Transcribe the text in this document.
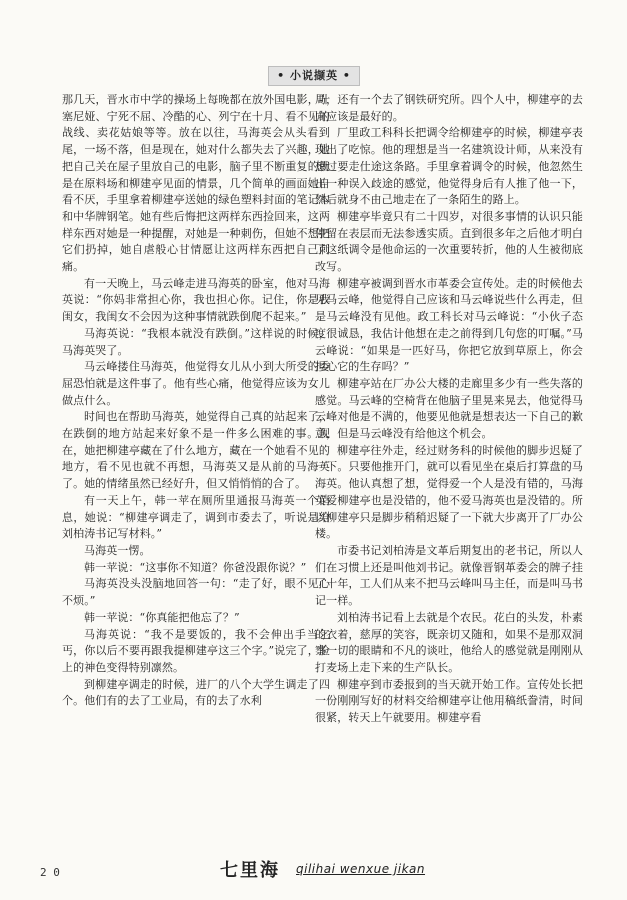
• 小说撷英 •

那几天，晋水市中学的操场上每晚都在放外国电影，叶塞尼娅、宁死不屈、冷酷的心、列宁在十月、看不见的战线、卖花姑娘等等。放在以往，马海英会从头看到尾，一场不落，但是现在，她对什么都失去了兴趣，她把自己关在屋子里放自己的电影，脑子里不断重复的就是在原料场和柳建亭见面的情景，几个简单的画面她自看不厌，手里拿着柳建亭送她的绿色塑料封面的笔记本和中华牌钢笔。她有些后悔把这两样东西捡回来，这两样东西对她是一种提醒，对她是一种刺伤，但她不想把它们扔掉，她自虐般心甘情愿让这两样东西把自己刺痛。

有一天晚上，马云峰走进马海英的卧室，他对马海英说：“你妈非常担心你，我也担心你。记住，你是我闺女，我闺女不会因为这种事情就跌倒爬不起来。”

马海英说：“我根本就没有跌倒。”这样说的时候，马海英哭了。

马云峰搂住马海英，他觉得女儿从小到大所受的委屈恐怕就是这件事了。他有些心痛，他觉得应该为女儿做点什么。

时间也在帮助马海英，她觉得自己真的站起来了，在跌倒的地方站起来好象不是一件多么困难的事。现在，她把柳建亭藏在了什么地方，藏在一个她看不见的地方，看不见也就不再想，马海英又是从前的马海英了。她的情绪虽然已经好升，但又悄悄悄的合了。

有一天上午，韩一苹在厕所里通报马海英一个消息，她说：“柳建亭调走了，调到市委去了，听说是给刘柏涛书记写材料。”

马海英一愣。

韩一苹说：“这事你不知道？你爸没跟你说？”

马海英没头没脑地回答一句：“走了好，眼不见心不烦。”

韩一苹说：“你真能把他忘了？”

马海英说：“我不是要饭的，我不会伸出手当乞丐，你以后不要再跟我提柳建亭这三个字。”说完了，脸上的神色变得特别凛然。

到柳建亭调走的时候，进厂的八个大学生调走了四个。他们有的去了工业局，有的去了水利

局，还有一个去了钢铁研究所。四个人中，柳建亭的去向应该是最好的。

厂里政工科科长把调令给柳建亭的时候，柳建亭表现出了吃惊。他的理想是当一名建筑设计师，从来没有想过要走仕途这条路。手里拿着调令的时候，他忽然生出一种误入歧途的感觉，他觉得身后有人推了他一下，然后就身不由己地走在了一条陌生的路上。

柳建亭毕竟只有二十四岁，对很多事情的认识只能停留在表层而无法参透实质。直到很多年之后他才明白了这纸调令是他命运的一次重要转折，他的人生被彻底改写。

柳建亭被调到晋水市革委会宣传处。走的时候他去见马云峰，他觉得自己应该和马云峰说些什么再走，但是马云峰没有见他。政工科长对马云峰说：“小伙子态度很诚恳，我估计他想在走之前得到几句您的叮嘱。”马云峰说：“如果是一匹好马，你把它放到草原上，你会担心它的生存吗？”

柳建亭站在厂办公大楼的走廊里多少有一些失落的感觉。马云峰的空椅背在他脑子里晃来晃去，他觉得马云峰对他是不满的，他要见他就是想表达一下自己的歉意，但是马云峰没有给他这个机会。

柳建亭往外走，经过财务科的时候他的脚步迟疑了一下。只要他推开门，就可以看见坐在桌后打算盘的马海英。他认真想了想，觉得爱一个人是没有错的，马海英爱柳建亭也是没错的，他不爱马海英也是没错的。所以柳建亭只是脚步稍稍迟疑了一下就大步离开了厂办公楼。

市委书记刘柏涛是文革后期复出的老书记，所以人们在习惯上还是叫他刘书记。就像晋钢革委会的牌子挂了十年，工人们从来不把马云峰叫马主任，而是叫马书记一样。

刘柏涛书记看上去就是个农民。花白的头发，朴素的衣着，慈厚的笑容，既亲切又随和，如果不是那双洞察一切的眼睛和不凡的谈吐，他给人的感觉就是刚刚从打麦场上走下来的生产队长。

柳建亭到市委报到的当天就开始工作。宣传处长把一份刚刚写好的材料交给柳建亭让他用稿纸誊清，时间很紧，转天上午就要用。柳建亭看

2 0	七里海 qilihai wenxue jikan
